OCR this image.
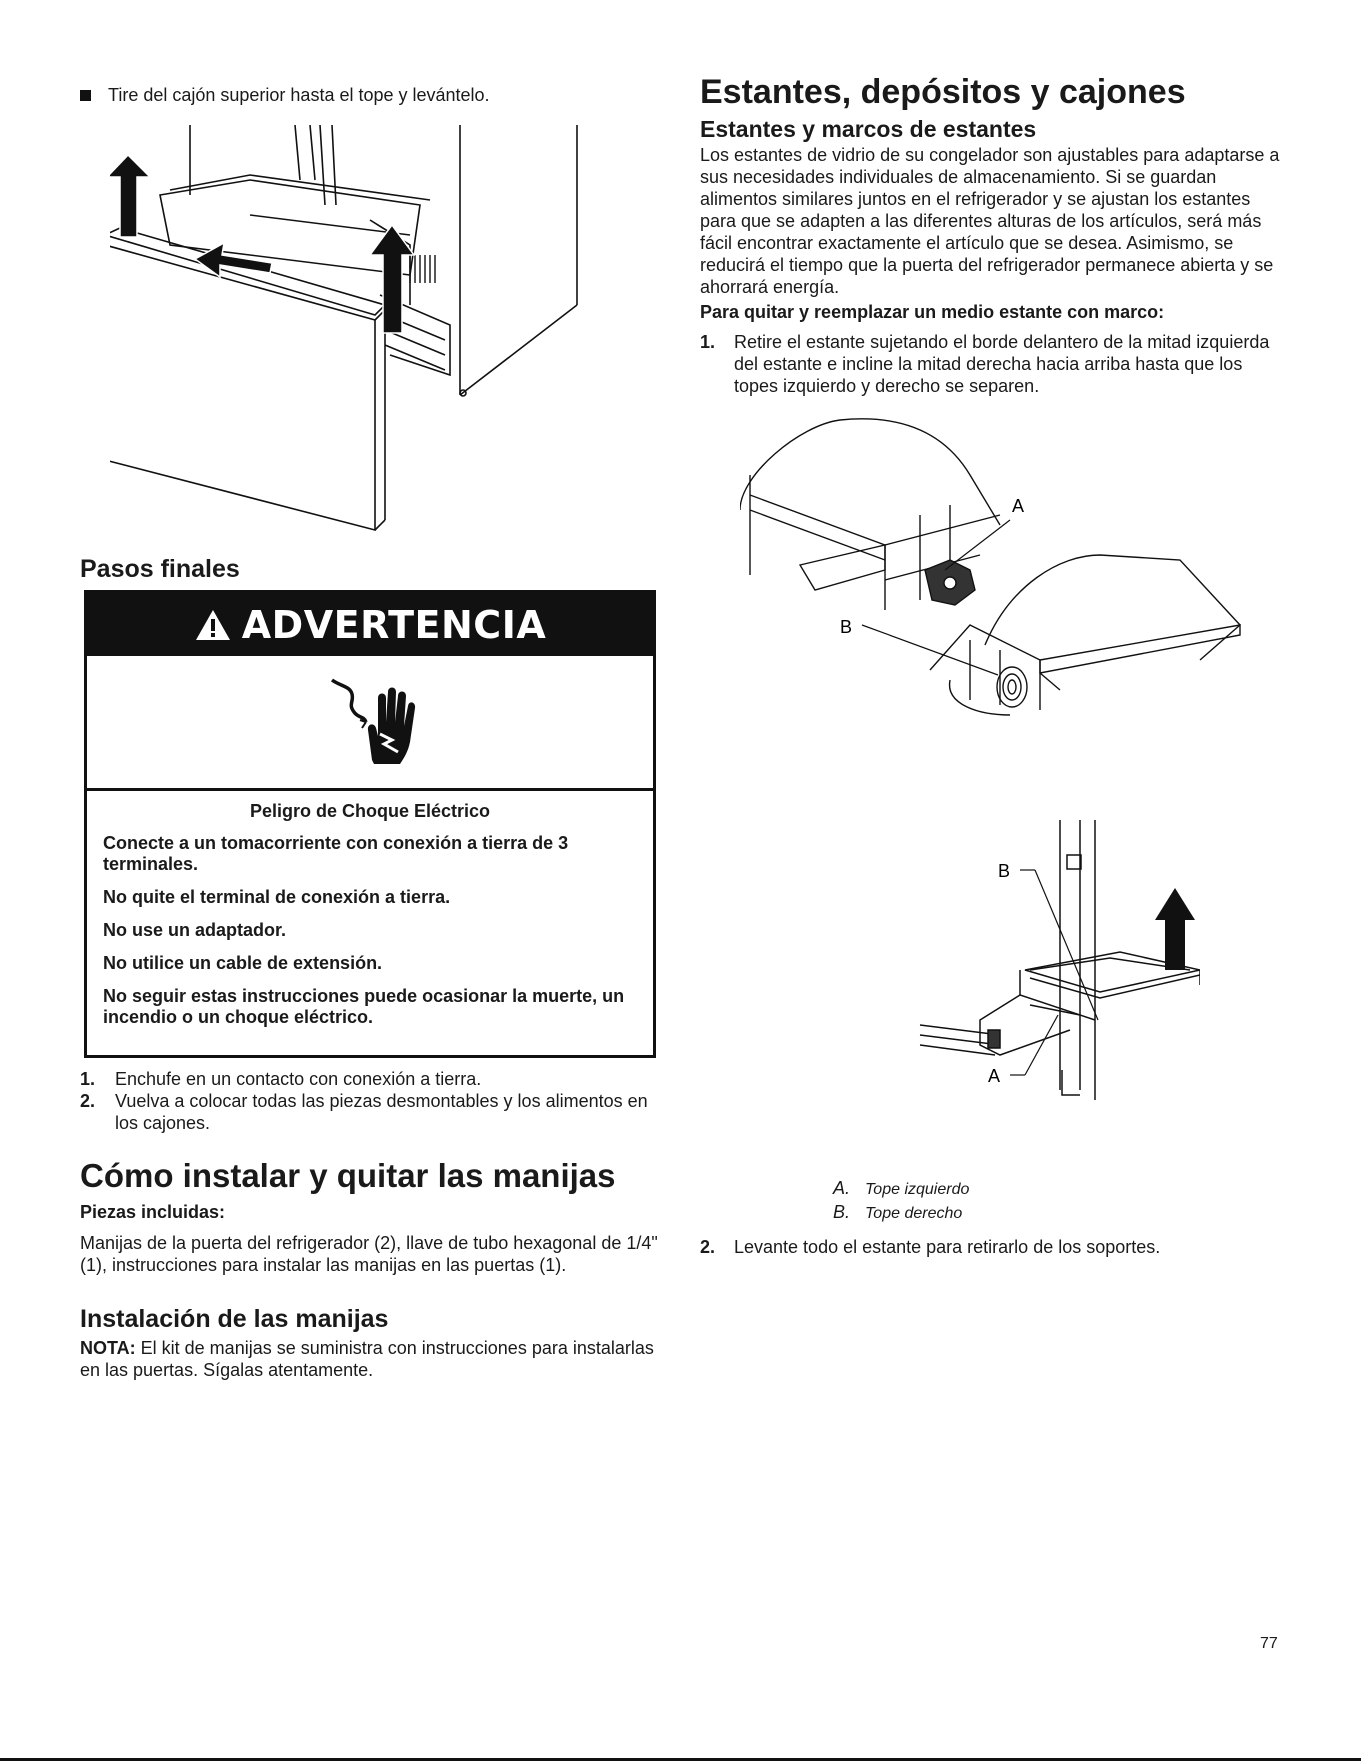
Tire del cajón superior hasta el tope y levántelo.
Pasos finales
ADVERTENCIA
Peligro de Choque Eléctrico
Conecte a un tomacorriente con conexión a tierra de 3 terminales.
No quite el terminal de conexión a tierra.
No use un adaptador.
No utilice un cable de extensión.
No seguir estas instrucciones puede ocasionar la muerte, un incendio o un choque eléctrico.
1.	Enchufe en un contacto con conexión a tierra.
2.	Vuelva a colocar todas las piezas desmontables y los alimentos en los cajones.
Cómo instalar y quitar las manijas
Piezas incluidas:
Manijas de la puerta del refrigerador (2), llave de tubo hexagonal de 1/4" (1), instrucciones para instalar las manijas en las puertas (1).
Instalación de las manijas
NOTA: El kit de manijas se suministra con instrucciones para instalarlas en las puertas. Sígalas atentamente.
Estantes, depósitos y cajones
Estantes y marcos de estantes
Los estantes de vidrio de su congelador son ajustables para adaptarse a sus necesidades individuales de almacenamiento. Si se guardan alimentos similares juntos en el refrigerador y se ajustan los estantes para que se adapten a las diferentes alturas de los artículos, será más fácil encontrar exactamente el artículo que se desea. Asimismo, se reducirá el tiempo que la puerta del refrigerador permanece abierta y se ahorrará energía.
Para quitar y reemplazar un medio estante con marco:
1.	Retire el estante sujetando el borde delantero de la mitad izquierda del estante e incline la mitad derecha hacia arriba hasta que los topes izquierdo y derecho se separen.
A
B
B
A
A. Tope izquierdo
B. Tope derecho
2.	Levante todo el estante para retirarlo de los soportes.
77
